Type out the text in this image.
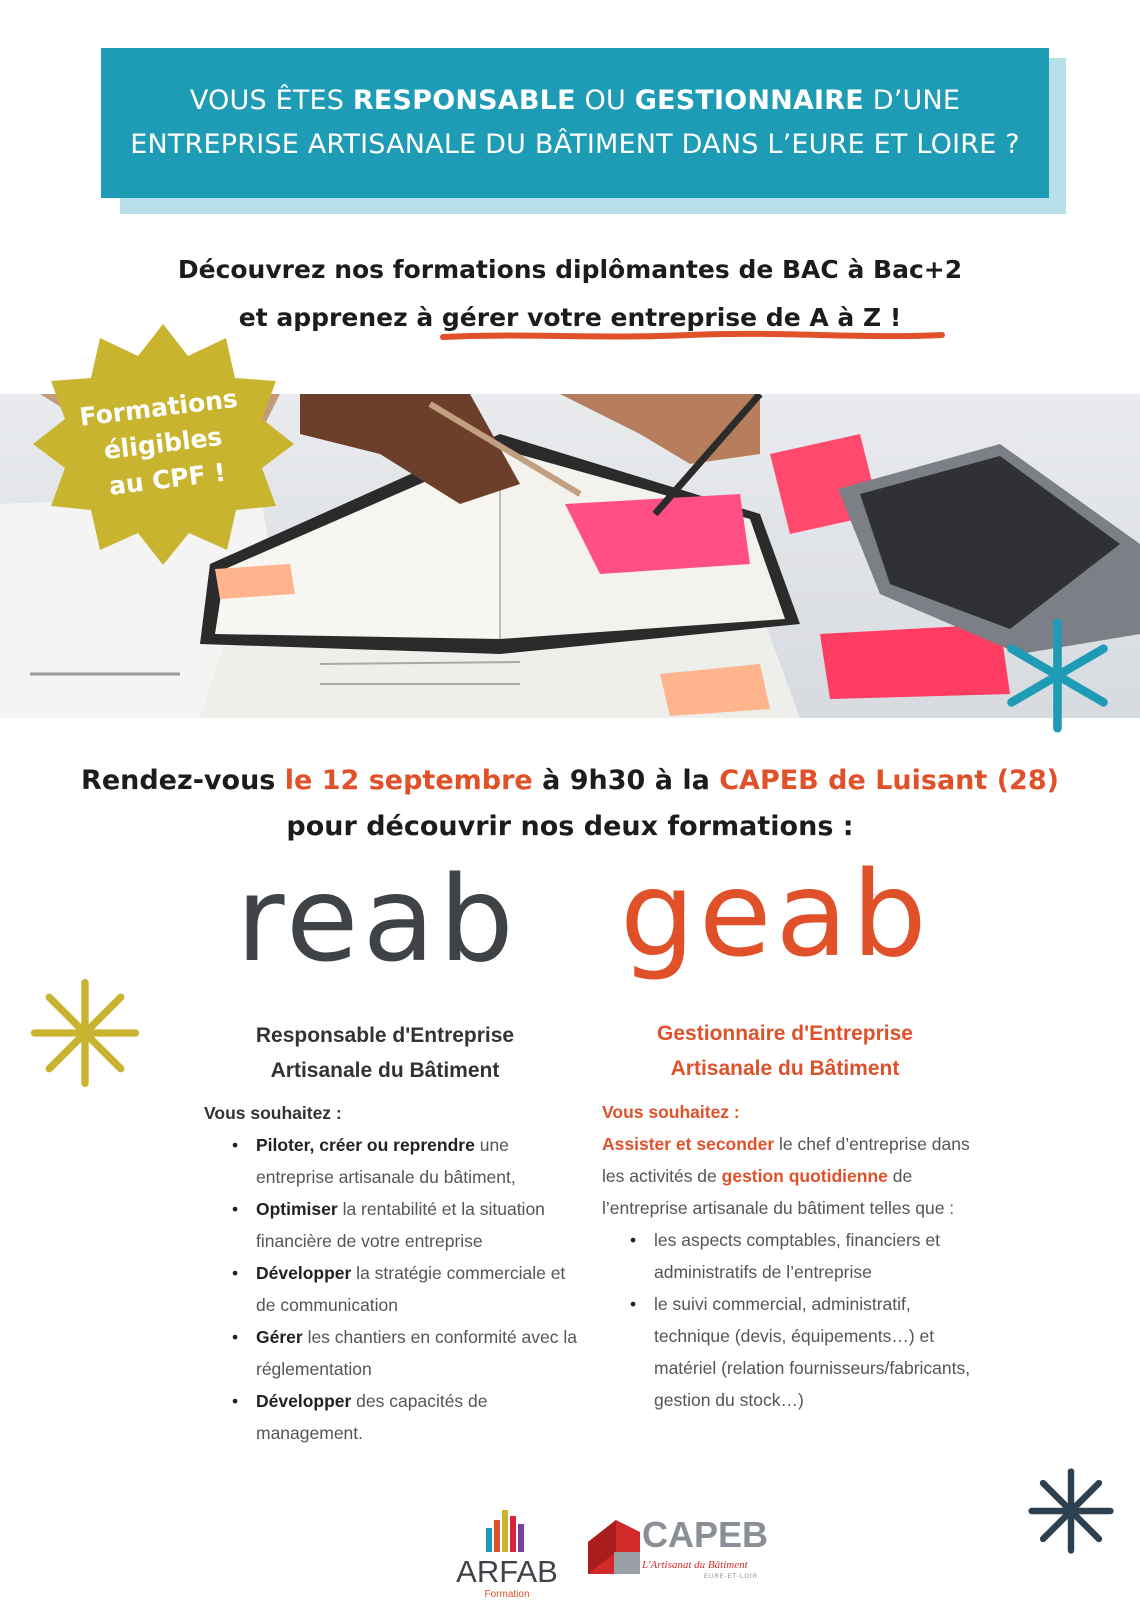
VOUS ÊTES RESPONSABLE OU GESTIONNAIRE D’UNE
ENTREPRISE ARTISANALE DU BÂTIMENT DANS L’EURE ET LOIRE ?
Découvrez nos formations diplômantes de BAC à Bac+2
et apprenez à gérer votre entreprise de A à Z !
Formations
éligibles
au CPF !
Rendez-vous le 12 septembre à 9h30 à la CAPEB de Luisant (28)
pour découvrir nos deux formations :
reab geab
Responsable d'Entreprise
Artisanale du Bâtiment
Vous souhaitez :
• Piloter, créer ou reprendre une entreprise artisanale du bâtiment,
• Optimiser la rentabilité et la situation financière de votre entreprise
• Développer la stratégie commerciale et de communication
• Gérer les chantiers en conformité avec la réglementation
• Développer des capacités de management.
Gestionnaire d'Entreprise
Artisanale du Bâtiment
Vous souhaitez :
Assister et seconder le chef d’entreprise dans les activités de gestion quotidienne de l’entreprise artisanale du bâtiment telles que :
• les aspects comptables, financiers et administratifs de l’entreprise
• le suivi commercial, administratif, technique (devis, équipements…) et matériel (relation fournisseurs/fabricants, gestion du stock…)
ARFAB
Formation
CAPEB
L'Artisanat du Bâtiment
EURE-ET-LOIR
